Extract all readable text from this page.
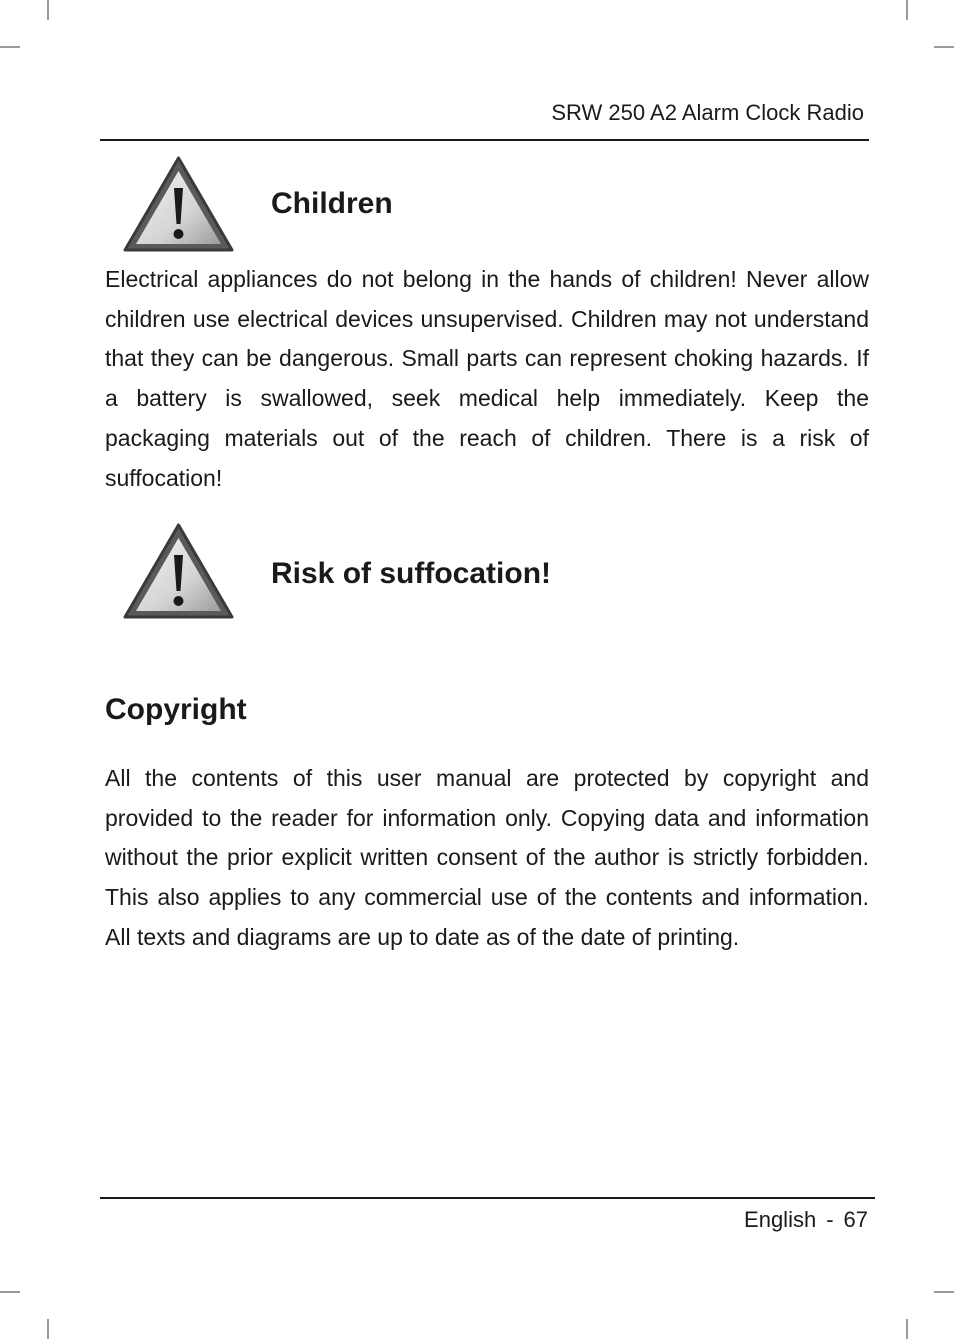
SRW 250 A2 Alarm Clock Radio
Children

Electrical appliances do not belong in the hands of children! Never allow children use electrical devices unsupervised. Children may not understand that they can be dangerous. Small parts can represent choking hazards. If a battery is swallowed, seek medical help immediately. Keep the packaging materials out of the reach of children. There is a risk of suffocation!

Risk of suffocation!
Copyright

All the contents of this user manual are protected by copyright and provided to the reader for information only. Copying data and information without the prior explicit written consent of the author is strictly forbidden. This also applies to any commercial use of the contents and information. All texts and diagrams are up to date as of the date of printing.

English - 67
